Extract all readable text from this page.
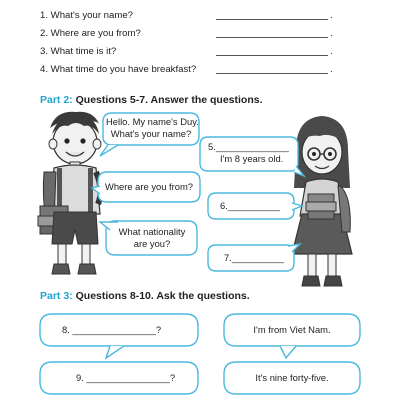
1. What's your name?	.
2. Where are you from?	.
3. What time is it?	.
4. What time do you have breakfast?	.
Part 2: Questions 5-7. Answer the questions.
Hello. My name's Duy.
What's your name?
Where are you from?
What nationality
are you?
5.______________
I'm 8 years old.
6.__________
7.__________
Part 3: Questions 8-10. Ask the questions.
8. ________________?	I'm from Viet Nam.
9. ________________?	It's nine forty-five.
